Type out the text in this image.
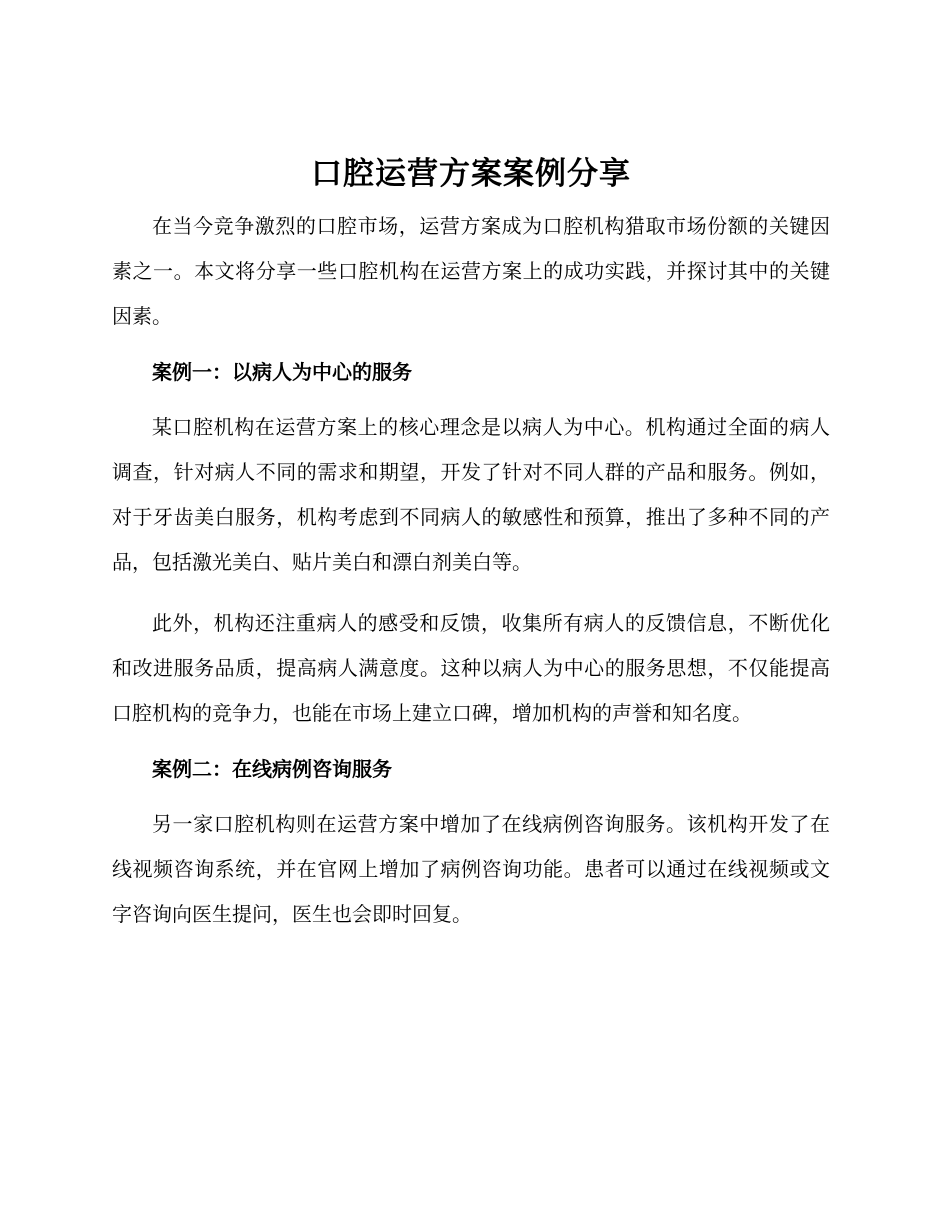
口腔运营方案案例分享

在当今竞争激烈的口腔市场，运营方案成为口腔机构猎取市场份额的关键因素之一。本文将分享一些口腔机构在运营方案上的成功实践，并探讨其中的关键因素。

案例一：以病人为中心的服务

某口腔机构在运营方案上的核心理念是以病人为中心。机构通过全面的病人调查，针对病人不同的需求和期望，开发了针对不同人群的产品和服务。例如，对于牙齿美白服务，机构考虑到不同病人的敏感性和预算，推出了多种不同的产品，包括激光美白、贴片美白和漂白剂美白等。

此外，机构还注重病人的感受和反馈，收集所有病人的反馈信息，不断优化和改进服务品质，提高病人满意度。这种以病人为中心的服务思想，不仅能提高口腔机构的竞争力，也能在市场上建立口碑，增加机构的声誉和知名度。

案例二：在线病例咨询服务

另一家口腔机构则在运营方案中增加了在线病例咨询服务。该机构开发了在线视频咨询系统，并在官网上增加了病例咨询功能。患者可以通过在线视频或文字咨询向医生提问，医生也会即时回复。
